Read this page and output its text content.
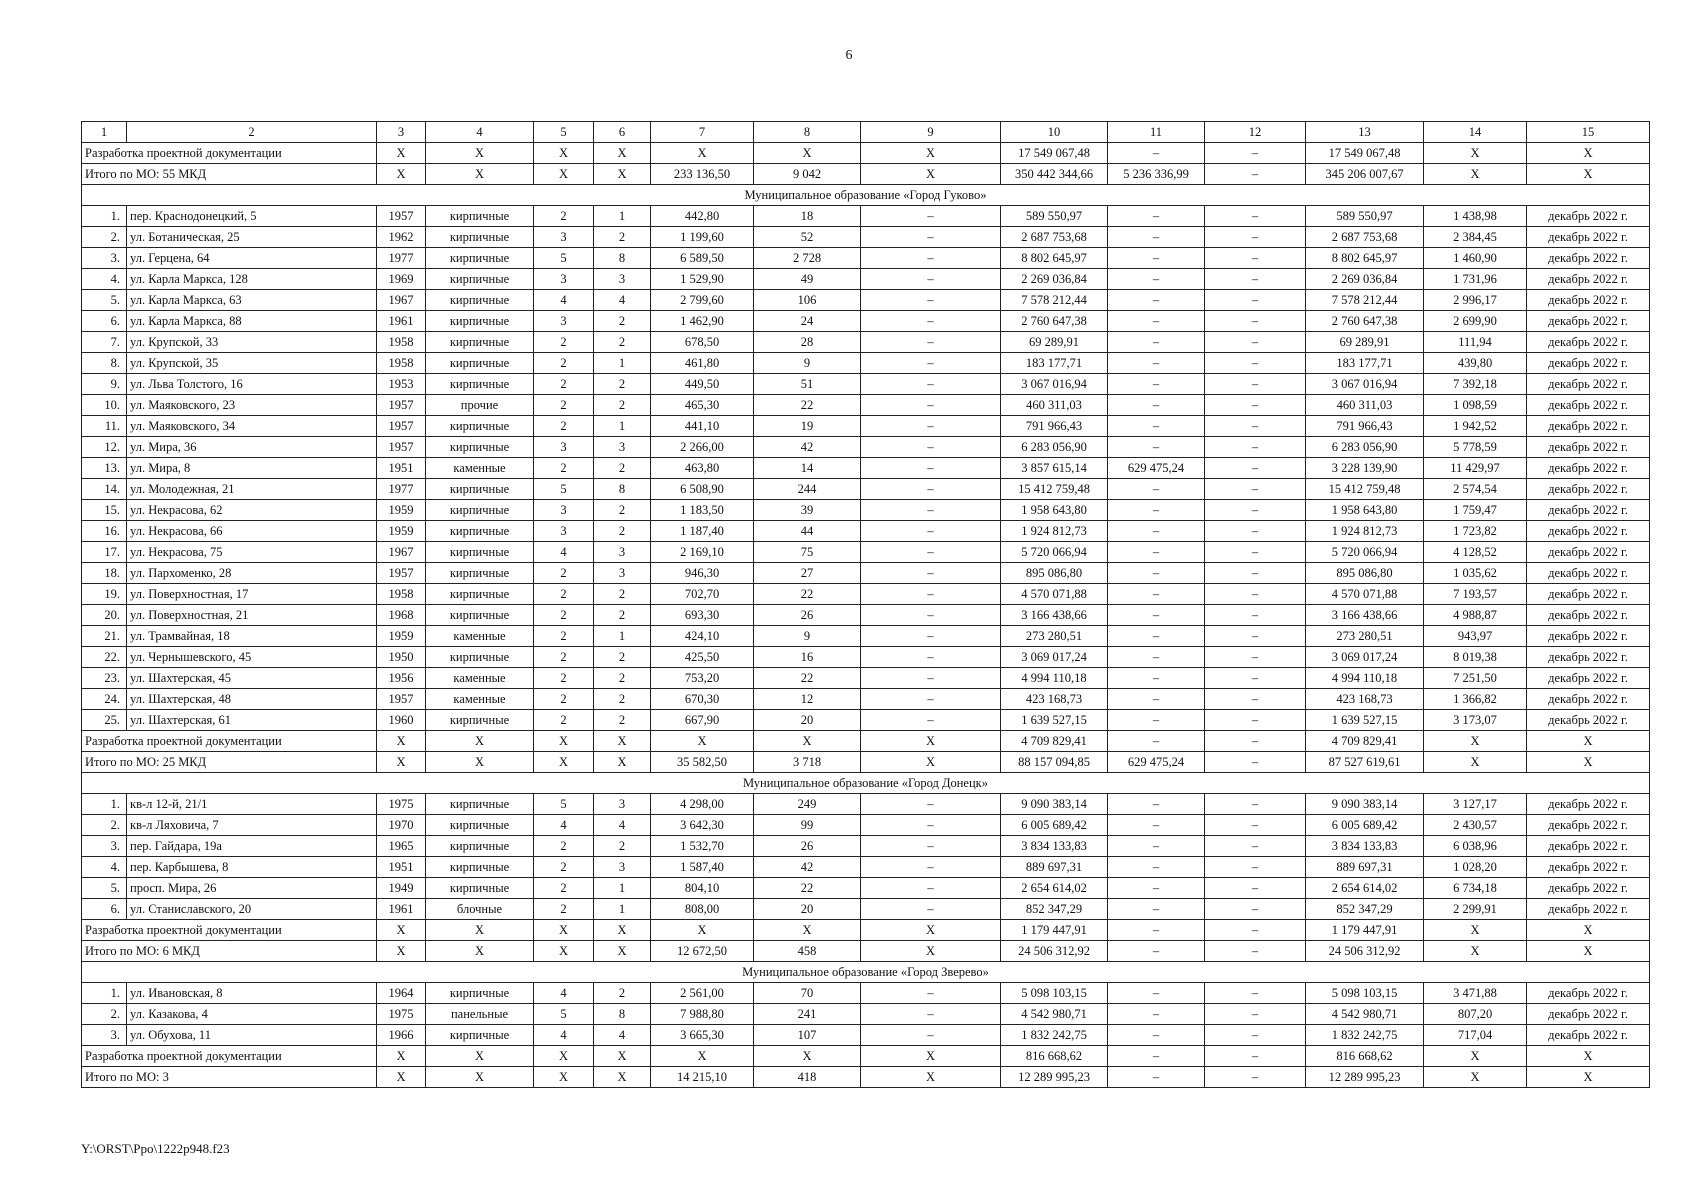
6
1	2	3	4	5	6	7	8	9	10	11	12	13	14	15
Разработка проектной документации		X	X	X	X	X	X	X	17 549 067,48	–	–	17 549 067,48	X	X
Итого по МО: 55 МКД		X	X	X	X	233 136,50	9 042	X	350 442 344,66	5 236 336,99	–	345 206 007,67	X	X
Муниципальное образование «Город Гуково»														
1.	пер. Краснодонецкий, 5	1957	кирпичные	2	1	442,80	18	–	589 550,97	–	–	589 550,97	1 438,98	декабрь 2022 г.
2.	ул. Ботаническая, 25	1962	кирпичные	3	2	1 199,60	52	–	2 687 753,68	–	–	2 687 753,68	2 384,45	декабрь 2022 г.
3.	ул. Герцена, 64	1977	кирпичные	5	8	6 589,50	2 728	–	8 802 645,97	–	–	8 802 645,97	1 460,90	декабрь 2022 г.
4.	ул. Карла Маркса, 128	1969	кирпичные	3	3	1 529,90	49	–	2 269 036,84	–	–	2 269 036,84	1 731,96	декабрь 2022 г.
5.	ул. Карла Маркса, 63	1967	кирпичные	4	4	2 799,60	106	–	7 578 212,44	–	–	7 578 212,44	2 996,17	декабрь 2022 г.
6.	ул. Карла Маркса, 88	1961	кирпичные	3	2	1 462,90	24	–	2 760 647,38	–	–	2 760 647,38	2 699,90	декабрь 2022 г.
7.	ул. Крупской, 33	1958	кирпичные	2	2	678,50	28	–	69 289,91	–	–	69 289,91	111,94	декабрь 2022 г.
8.	ул. Крупской, 35	1958	кирпичные	2	1	461,80	9	–	183 177,71	–	–	183 177,71	439,80	декабрь 2022 г.
9.	ул. Льва Толстого, 16	1953	кирпичные	2	2	449,50	51	–	3 067 016,94	–	–	3 067 016,94	7 392,18	декабрь 2022 г.
10.	ул. Маяковского, 23	1957	прочие	2	2	465,30	22	–	460 311,03	–	–	460 311,03	1 098,59	декабрь 2022 г.
11.	ул. Маяковского, 34	1957	кирпичные	2	1	441,10	19	–	791 966,43	–	–	791 966,43	1 942,52	декабрь 2022 г.
12.	ул. Мира, 36	1957	кирпичные	3	3	2 266,00	42	–	6 283 056,90	–	–	6 283 056,90	5 778,59	декабрь 2022 г.
13.	ул. Мира, 8	1951	каменные	2	2	463,80	14	–	3 857 615,14	629 475,24	–	3 228 139,90	11 429,97	декабрь 2022 г.
14.	ул. Молодежная, 21	1977	кирпичные	5	8	6 508,90	244	–	15 412 759,48	–	–	15 412 759,48	2 574,54	декабрь 2022 г.
15.	ул. Некрасова, 62	1959	кирпичные	3	2	1 183,50	39	–	1 958 643,80	–	–	1 958 643,80	1 759,47	декабрь 2022 г.
16.	ул. Некрасова, 66	1959	кирпичные	3	2	1 187,40	44	–	1 924 812,73	–	–	1 924 812,73	1 723,82	декабрь 2022 г.
17.	ул. Некрасова, 75	1967	кирпичные	4	3	2 169,10	75	–	5 720 066,94	–	–	5 720 066,94	4 128,52	декабрь 2022 г.
18.	ул. Пархоменко, 28	1957	кирпичные	2	3	946,30	27	–	895 086,80	–	–	895 086,80	1 035,62	декабрь 2022 г.
19.	ул. Поверхностная, 17	1958	кирпичные	2	2	702,70	22	–	4 570 071,88	–	–	4 570 071,88	7 193,57	декабрь 2022 г.
20.	ул. Поверхностная, 21	1968	кирпичные	2	2	693,30	26	–	3 166 438,66	–	–	3 166 438,66	4 988,87	декабрь 2022 г.
21.	ул. Трамвайная, 18	1959	каменные	2	1	424,10	9	–	273 280,51	–	–	273 280,51	943,97	декабрь 2022 г.
22.	ул. Чернышевского, 45	1950	кирпичные	2	2	425,50	16	–	3 069 017,24	–	–	3 069 017,24	8 019,38	декабрь 2022 г.
23.	ул. Шахтерская, 45	1956	каменные	2	2	753,20	22	–	4 994 110,18	–	–	4 994 110,18	7 251,50	декабрь 2022 г.
24.	ул. Шахтерская, 48	1957	каменные	2	2	670,30	12	–	423 168,73	–	–	423 168,73	1 366,82	декабрь 2022 г.
25.	ул. Шахтерская, 61	1960	кирпичные	2	2	667,90	20	–	1 639 527,15	–	–	1 639 527,15	3 173,07	декабрь 2022 г.
Разработка проектной документации		X	X	X	X	X	X	X	4 709 829,41	–	–	4 709 829,41	X	X
Итого по МО: 25 МКД		X	X	X	X	35 582,50	3 718	X	88 157 094,85	629 475,24	–	87 527 619,61	X	X
Муниципальное образование «Город Донецк»														
1.	кв-л 12-й, 21/1	1975	кирпичные	5	3	4 298,00	249	–	9 090 383,14	–	–	9 090 383,14	3 127,17	декабрь 2022 г.
2.	кв-л Ляховича, 7	1970	кирпичные	4	4	3 642,30	99	–	6 005 689,42	–	–	6 005 689,42	2 430,57	декабрь 2022 г.
3.	пер. Гайдара, 19а	1965	кирпичные	2	2	1 532,70	26	–	3 834 133,83	–	–	3 834 133,83	6 038,96	декабрь 2022 г.
4.	пер. Карбышева, 8	1951	кирпичные	2	3	1 587,40	42	–	889 697,31	–	–	889 697,31	1 028,20	декабрь 2022 г.
5.	просп. Мира, 26	1949	кирпичные	2	1	804,10	22	–	2 654 614,02	–	–	2 654 614,02	6 734,18	декабрь 2022 г.
6.	ул. Станиславского, 20	1961	блочные	2	1	808,00	20	–	852 347,29	–	–	852 347,29	2 299,91	декабрь 2022 г.
Разработка проектной документации		X	X	X	X	X	X	X	1 179 447,91	–	–	1 179 447,91	X	X
Итого по МО: 6 МКД		X	X	X	X	12 672,50	458	X	24 506 312,92	–	–	24 506 312,92	X	X
Муниципальное образование «Город Зверево»														
1.	ул. Ивановская, 8	1964	кирпичные	4	2	2 561,00	70	–	5 098 103,15	–	–	5 098 103,15	3 471,88	декабрь 2022 г.
2.	ул. Казакова, 4	1975	панельные	5	8	7 988,80	241	–	4 542 980,71	–	–	4 542 980,71	807,20	декабрь 2022 г.
3.	ул. Обухова, 11	1966	кирпичные	4	4	3 665,30	107	–	1 832 242,75	–	–	1 832 242,75	717,04	декабрь 2022 г.
Разработка проектной документации		X	X	X	X	X	X	X	816 668,62	–	–	816 668,62	X	X
Итого по МО: 3		X	X	X	X	14 215,10	418	X	12 289 995,23	–	–	12 289 995,23	X	X
Y:\ORST\Ppo\1222p948.f23
